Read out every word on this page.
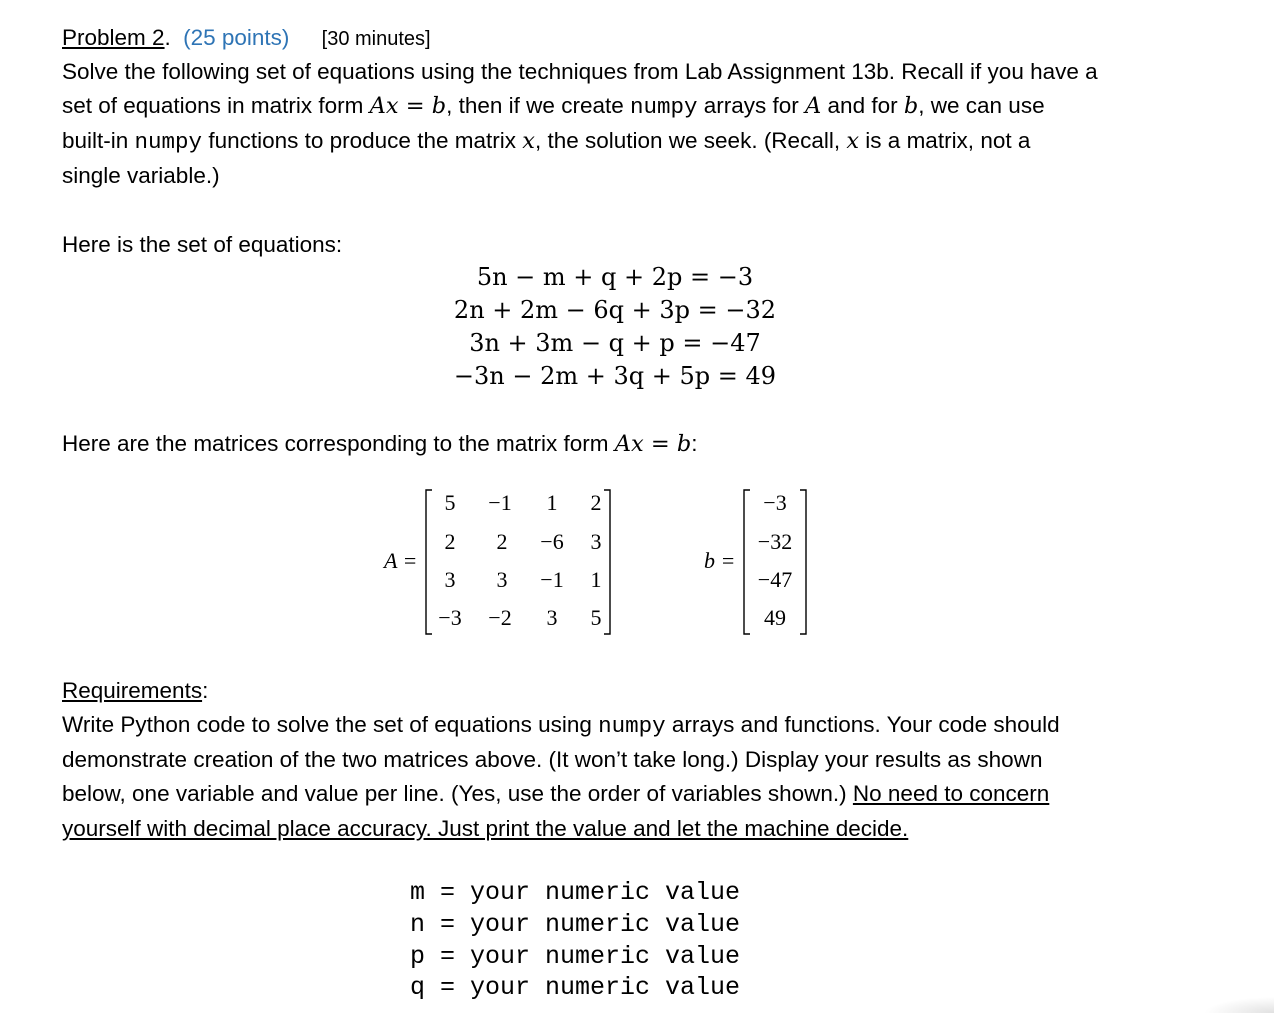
Problem 2. (25 points) [30 minutes]
Solve the following set of equations using the techniques from Lab Assignment 13b. Recall if you have a
set of equations in matrix form Ax = b, then if we create numpy arrays for A and for b, we can use
built-in numpy functions to produce the matrix x, the solution we seek. (Recall, x is a matrix, not a
single variable.)
Here is the set of equations:
5n − m + q + 2p = −3
2n + 2m − 6q + 3p = −32
3n + 3m − q + p = −47
−3n − 2m + 3q + 5p = 49
Here are the matrices corresponding to the matrix form Ax = b:
A =
5	−1	1	2
2	2	−6	3
3	3	−1	1
−3	−2	3	5
b =
−3
−32
−47
49
Requirements:
Write Python code to solve the set of equations using numpy arrays and functions. Your code should
demonstrate creation of the two matrices above. (It won’t take long.) Display your results as shown
below, one variable and value per line. (Yes, use the order of variables shown.) No need to concern
yourself with decimal place accuracy. Just print the value and let the machine decide.
m = your numeric value
n = your numeric value
p = your numeric value
q = your numeric value
